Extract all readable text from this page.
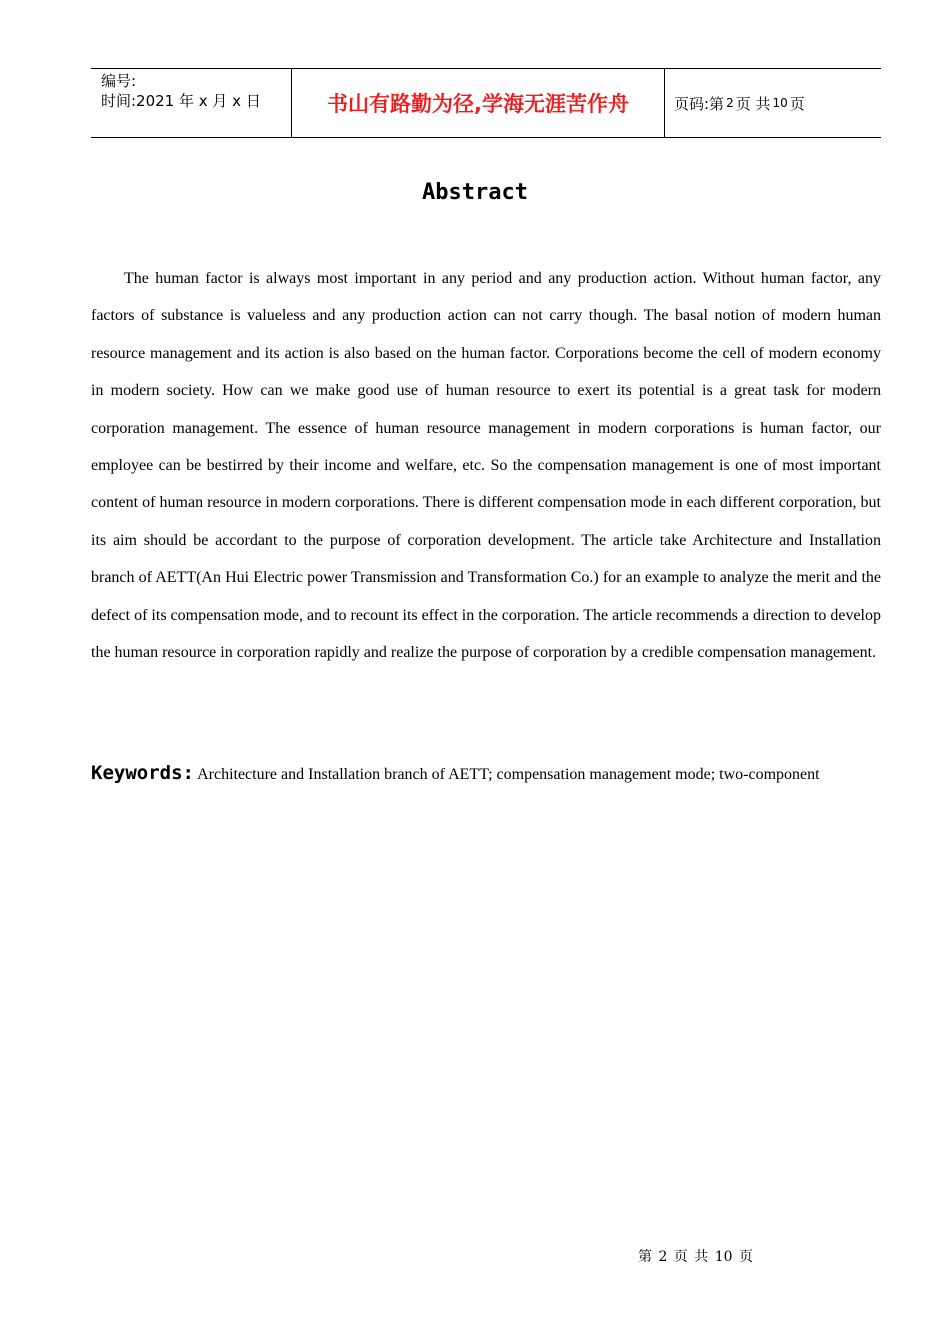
编号:
时间:2021 年 x 月 x 日	书山有路勤为径,学海无涯苦作舟	页码:第 2 页 共 10 页
Abstract

The human factor is always most important in any period and any production action. Without human factor, any factors of substance is valueless and any production action can not carry though. The basal notion of modern human resource management and its action is also based on the human factor. Corporations become the cell of modern economy in modern society. How can we make good use of human resource to exert its potential is a great task for modern corporation management. The essence of human resource management in modern corporations is human factor, our employee can be bestirred by their income and welfare, etc. So the compensation management is one of most important content of human resource in modern corporations. There is different compensation mode in each different corporation, but its aim should be accordant to the purpose of corporation development. The article take Architecture and Installation branch of AETT(An Hui Electric power Transmission and Transformation Co.) for an example to analyze the merit and the defect of its compensation mode, and to recount its effect in the corporation. The article recommends a direction to develop the human resource in corporation rapidly and realize the purpose of corporation by a credible compensation management.

Keywords: Architecture and Installation branch of AETT; compensation management mode; two-component
第 2 页 共 10 页
